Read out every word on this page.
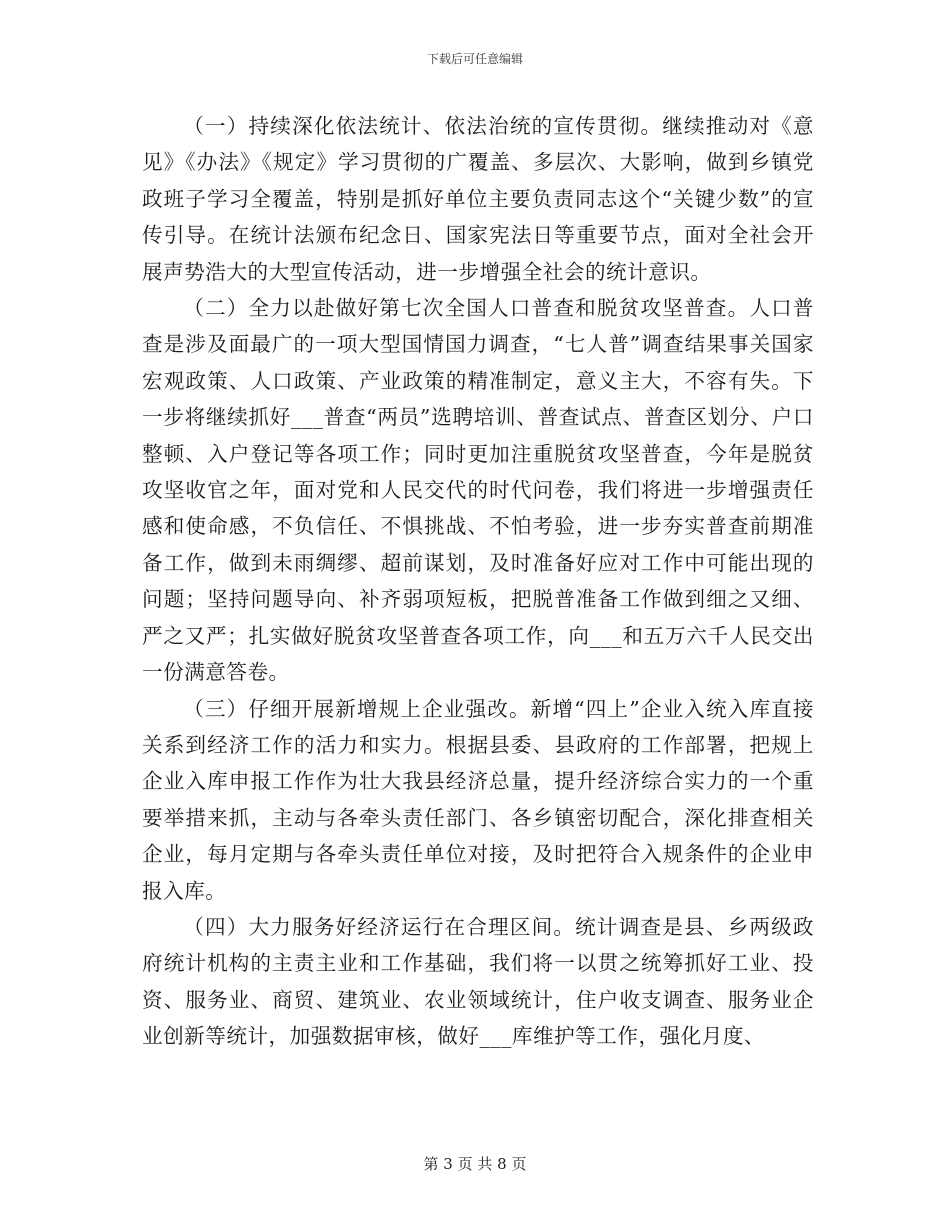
下载后可任意编辑

（一）持续深化依法统计、依法治统的宣传贯彻。继续推动对《意见》《办法》《规定》学习贯彻的广覆盖、多层次、大影响，做到乡镇党政班子学习全覆盖，特别是抓好单位主要负责同志这个“关键少数”的宣传引导。在统计法颁布纪念日、国家宪法日等重要节点，面对全社会开展声势浩大的大型宣传活动，进一步增强全社会的统计意识。

（二）全力以赴做好第七次全国人口普查和脱贫攻坚普查。人口普查是涉及面最广的一项大型国情国力调查，“七人普”调查结果事关国家宏观政策、人口政策、产业政策的精准制定，意义主大，不容有失。下一步将继续抓好___普查“两员”选聘培训、普查试点、普查区划分、户口整顿、入户登记等各项工作；同时更加注重脱贫攻坚普查，今年是脱贫攻坚收官之年，面对党和人民交代的时代问卷，我们将进一步增强责任感和使命感，不负信任、不惧挑战、不怕考验，进一步夯实普查前期准备工作，做到未雨绸缪、超前谋划，及时准备好应对工作中可能出现的问题；坚持问题导向、补齐弱项短板，把脱普准备工作做到细之又细、严之又严；扎实做好脱贫攻坚普查各项工作，向___和五万六千人民交出一份满意答卷。

（三）仔细开展新增规上企业强改。新增“四上”企业入统入库直接关系到经济工作的活力和实力。根据县委、县政府的工作部署，把规上企业入库申报工作作为壮大我县经济总量，提升经济综合实力的一个重要举措来抓，主动与各牵头责任部门、各乡镇密切配合，深化排查相关企业，每月定期与各牵头责任单位对接，及时把符合入规条件的企业申报入库。

（四）大力服务好经济运行在合理区间。统计调查是县、乡两级政府统计机构的主责主业和工作基础，我们将一以贯之统筹抓好工业、投资、服务业、商贸、建筑业、农业领域统计，住户收支调查、服务业企业创新等统计，加强数据审核，做好___库维护等工作，强化月度、

第 3 页 共 8 页
